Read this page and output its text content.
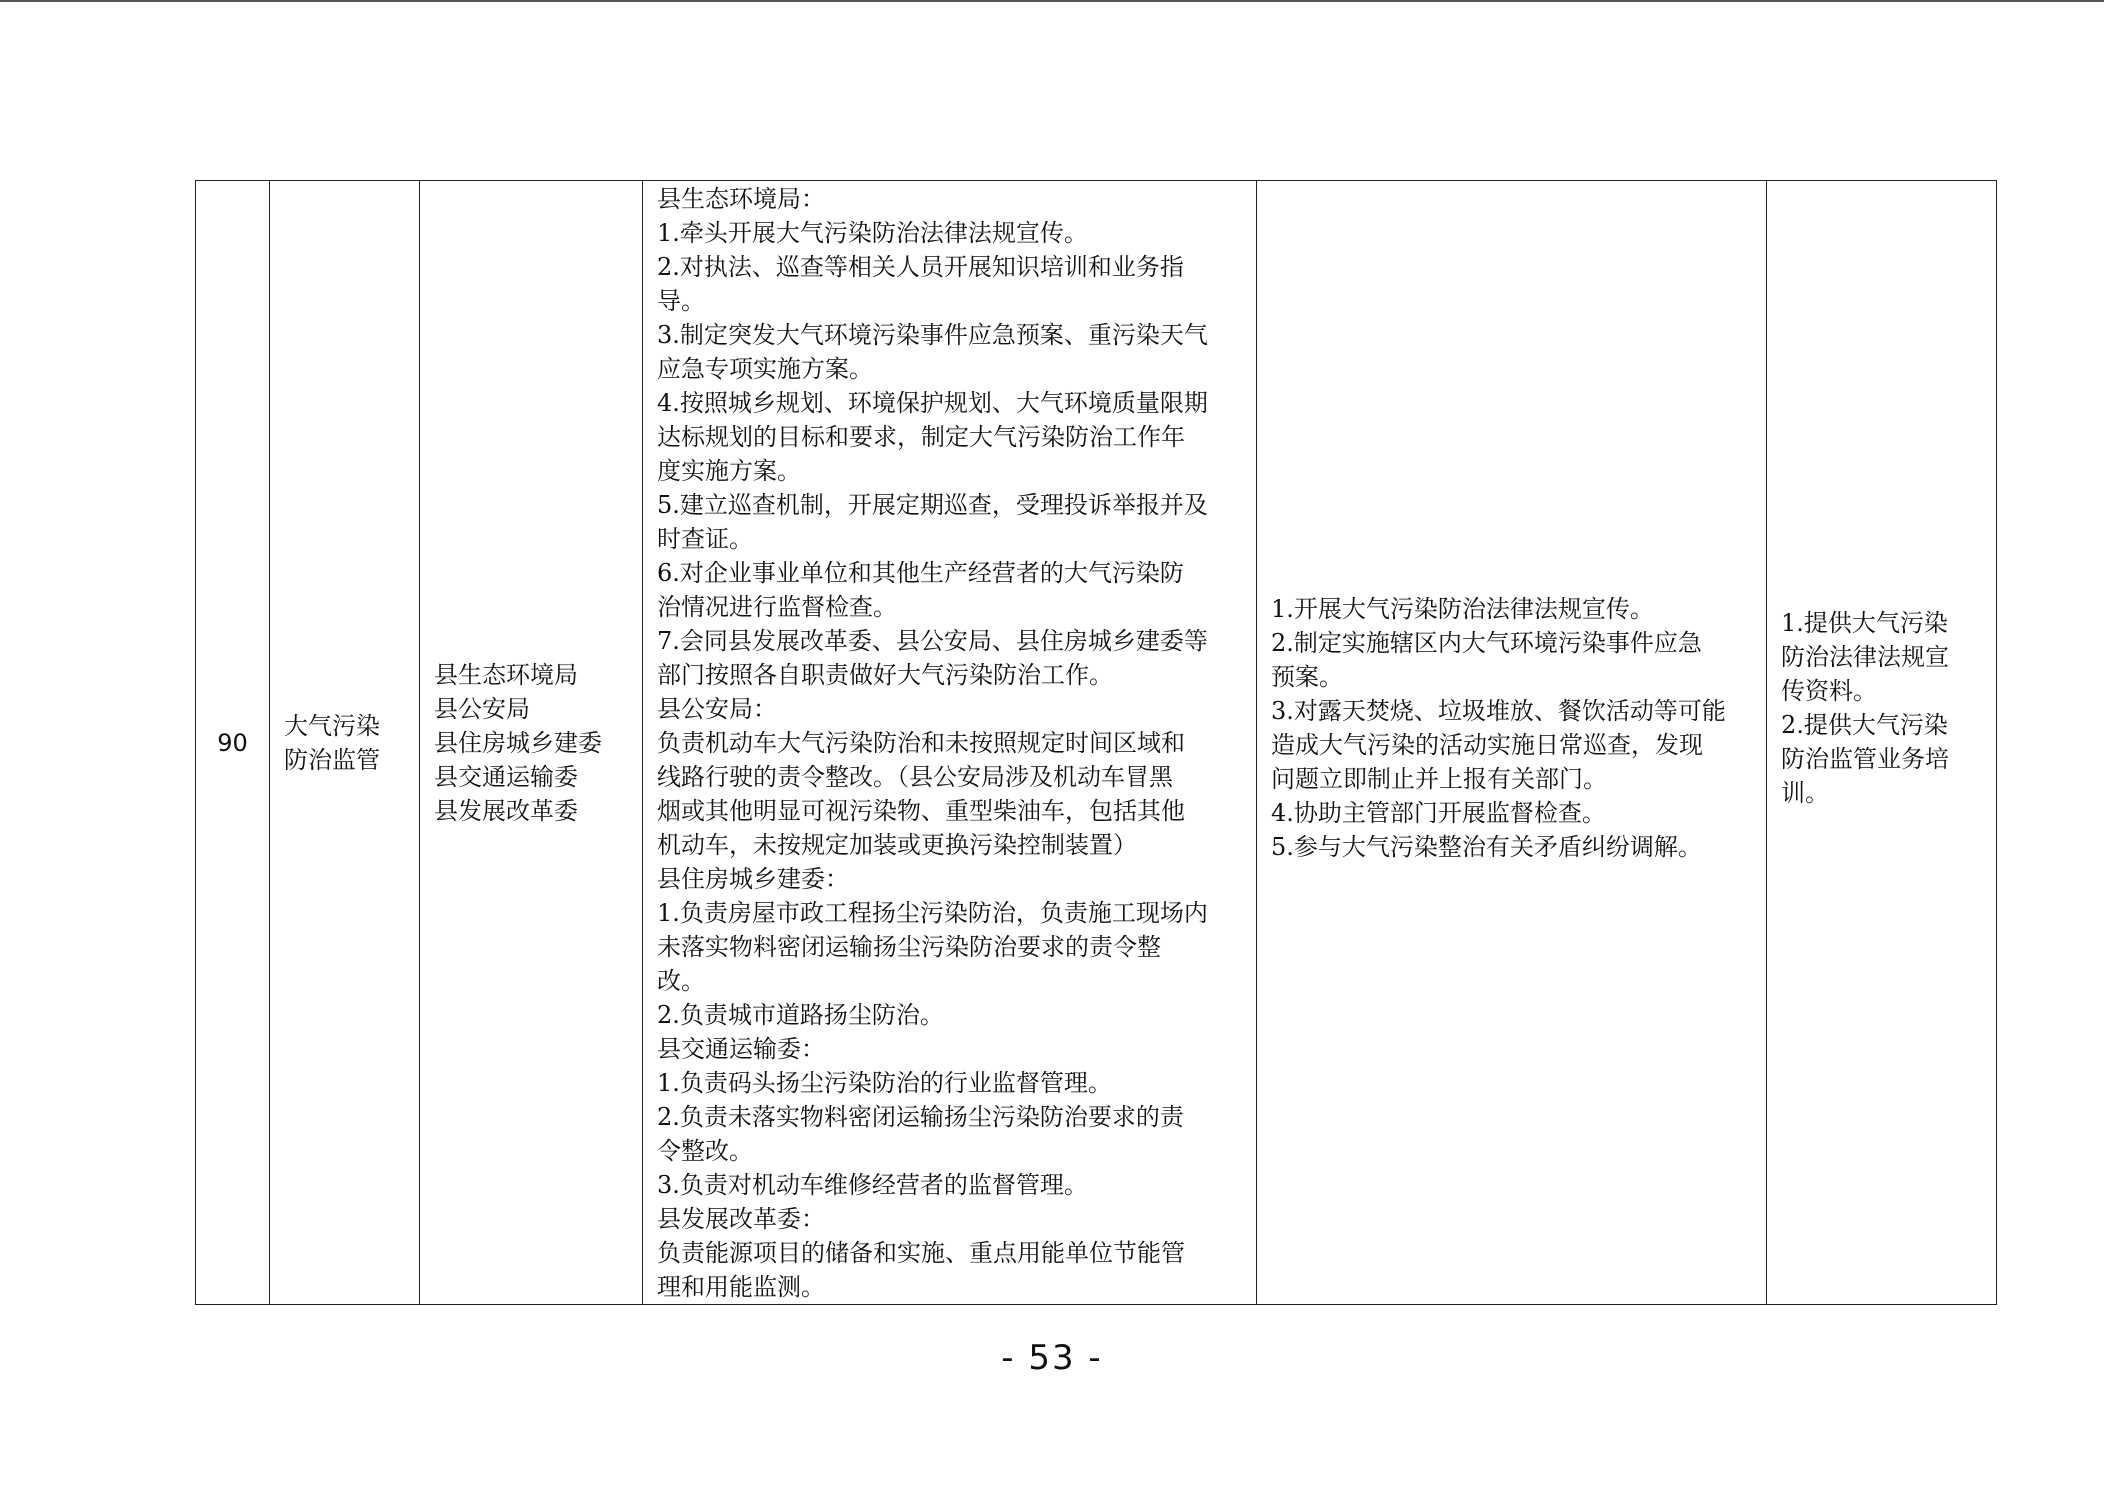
90	
大气污染
防治监管

县生态环境局
县公安局
县住房城乡建委
县交通运输委
县发展改革委

县生态环境局：
1.牵头开展大气污染防治法律法规宣传。
2.对执法、巡查等相关人员开展知识培训和业务指
导。
3.制定突发大气环境污染事件应急预案、重污染天气
应急专项实施方案。
4.按照城乡规划、环境保护规划、大气环境质量限期
达标规划的目标和要求，制定大气污染防治工作年
度实施方案。
5.建立巡查机制，开展定期巡查，受理投诉举报并及
时查证。
6.对企业事业单位和其他生产经营者的大气污染防
治情况进行监督检查。
7.会同县发展改革委、县公安局、县住房城乡建委等
部门按照各自职责做好大气污染防治工作。
县公安局：
负责机动车大气污染防治和未按照规定时间区域和
线路行驶的责令整改。（县公安局涉及机动车冒黑
烟或其他明显可视污染物、重型柴油车，包括其他
机动车，未按规定加装或更换污染控制装置）
县住房城乡建委：
1.负责房屋市政工程扬尘污染防治，负责施工现场内
未落实物料密闭运输扬尘污染防治要求的责令整
改。
2.负责城市道路扬尘防治。
县交通运输委：
1.负责码头扬尘污染防治的行业监督管理。
2.负责未落实物料密闭运输扬尘污染防治要求的责
令整改。
3.负责对机动车维修经营者的监督管理。
县发展改革委：
负责能源项目的储备和实施、重点用能单位节能管
理和用能监测。

1.开展大气污染防治法律法规宣传。
2.制定实施辖区内大气环境污染事件应急
预案。
3.对露天焚烧、垃圾堆放、餐饮活动等可能
造成大气污染的活动实施日常巡查，发现
问题立即制止并上报有关部门。
4.协助主管部门开展监督检查。
5.参与大气污染整治有关矛盾纠纷调解。

1.提供大气污染
防治法律法规宣
传资料。
2.提供大气污染
防治监管业务培
训。
- 53 -
